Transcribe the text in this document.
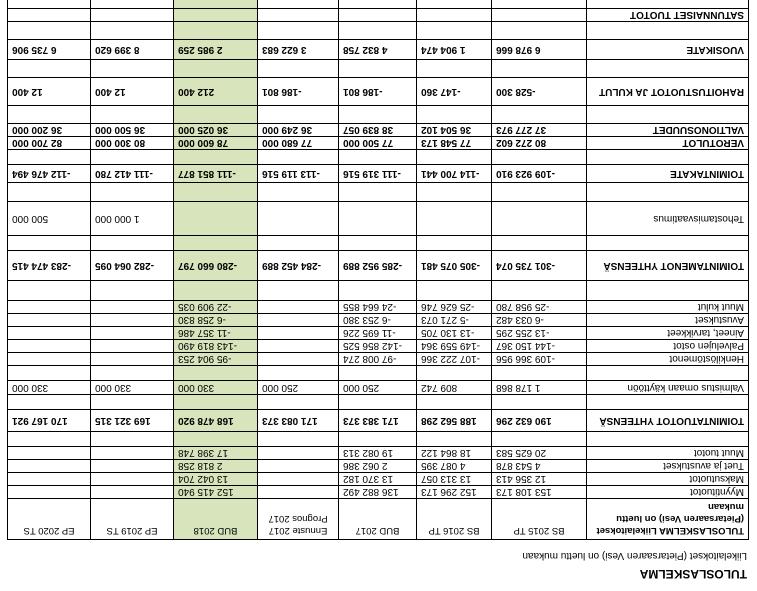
TULOSLASKELMA
Liikelaitokset (Pietarsaaren Vesi) on luettu mukaan
TULOSLASKELMA Liikelaitokset (Pietarsaaren Vesi) on luettu mukaan	BS 2015 TP	BS 2016 TP	BUD 2017	Ennuste 2017 Prognos 2017	BUD 2018	EP 2019 TS	EP 2020 TS
Myyntituotot	153 108 173	152 296 173	136 882 492		152 415 940		
Maksutuotot	12 356 413	13 313 057	13 370 182		13 042 704		
Tuet ja avustukset	4 543 878	4 087 395	2 062 386		2 818 258		
Muut tuotot	20 625 583	18 864 122	19 082 313		17 398 748		

TOIMINTATUOTOT YHTEENSÄ	190 632 296	188 562 298	171 383 373	171 083 373	168 478 920	169 321 315	170 167 921

Valmistus omaan käyttöön	1 178 868	809 742	250 000	250 000	330 000	330 000	330 000

Henkilöstömenot	-109 366 956	-107 222 366	-97 008 274		-95 904 253		
Palvelujen ostot	-144 150 367	-149 559 364	-142 856 525		-143 819 490		
Aineet, tarvikkeet	-13 255 295	-13 130 705	-11 695 226		-11 357 486		
Avustukset	-6 033 482	-5 271 073	-6 253 380		-6 258 830		
Muut kulut	-25 958 780	-25 626 746	-24 664 855		-22 909 035		

TOIMINTAMENOT YHTEENSÄ	-301 735 074	-305 075 481	-285 952 889	-284 452 889	-280 660 797	-282 064 095	-283 474 415

Tehostamisvaatimus						1 000 000	500 000

TOIMINTAKATE	-109 923 910	-114 700 441	-111 319 516	-113 119 516	-111 851 877	-111 412 780	-112 476 494

VEROTULOT	80 272 602	77 548 173	77 500 000	77 680 000	78 600 000	80 300 000	82 700 000
VALTIONOSUUDET	37 277 973	36 504 102	38 839 057	36 249 000	36 025 000	36 500 000	36 200 000

RAHOITUSTUOTOT JA KULUT	-528 300	-147 360	-186 801	-186 801	212 400	12 400	12 400

VUOSIKATE	6 978 666	1 904 474	4 832 758	3 622 683	2 985 259	8 399 620	6 735 906

SATUNNAISET TUOTOT							
